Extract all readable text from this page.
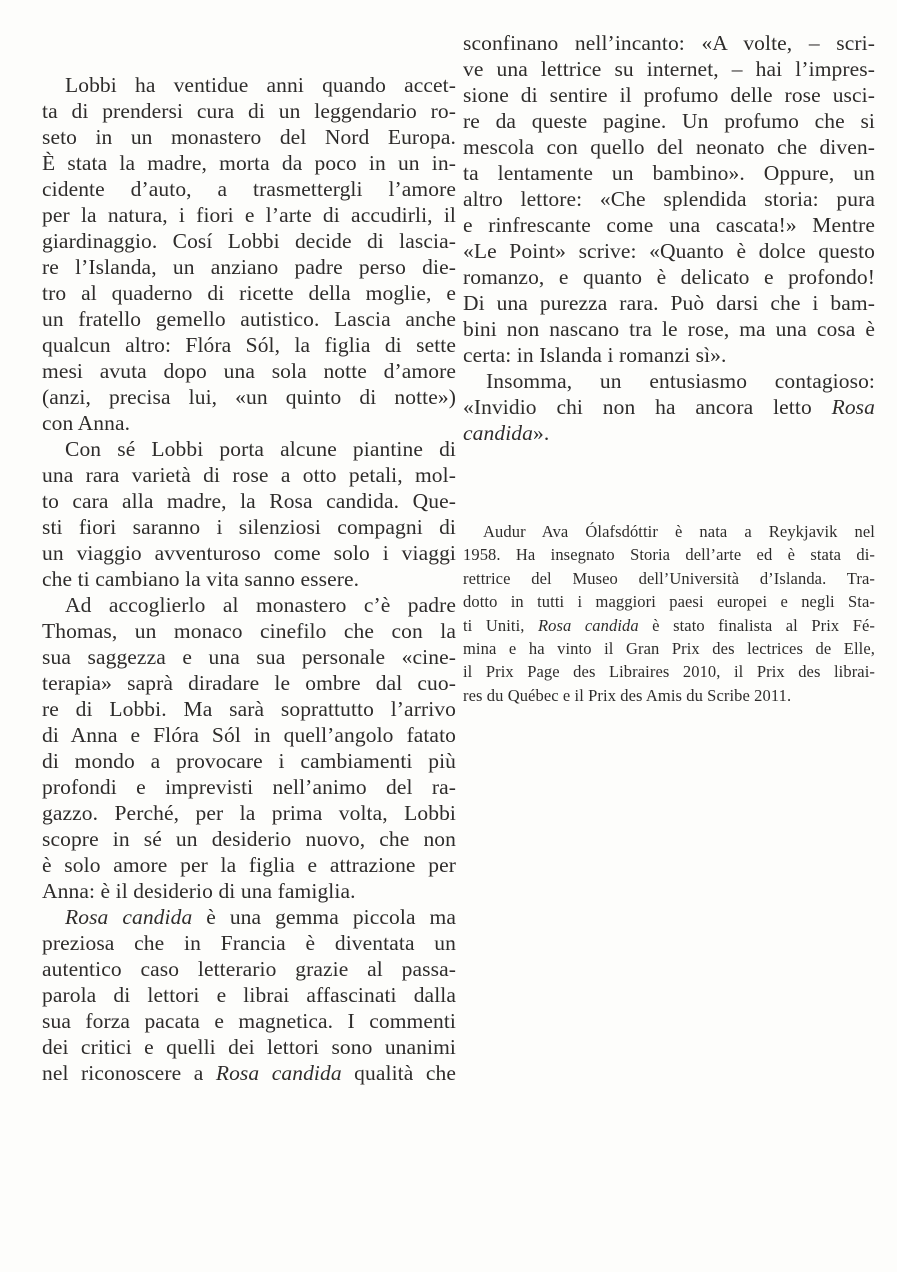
Lobbi ha ventidue anni quando accet-
ta di prendersi cura di un leggendario ro-
seto in un monastero del Nord Europa.
È stata la madre, morta da poco in un in-
cidente d’auto, a trasmettergli l’amore
per la natura, i fiori e l’arte di accudirli, il
giardinaggio. Cosí Lobbi decide di lascia-
re l’Islanda, un anziano padre perso die-
tro al quaderno di ricette della moglie, e
un fratello gemello autistico. Lascia anche
qualcun altro: Flóra Sól, la figlia di sette
mesi avuta dopo una sola notte d’amore
(anzi, precisa lui, «un quinto di notte»)
con Anna.
Con sé Lobbi porta alcune piantine di
una rara varietà di rose a otto petali, mol-
to cara alla madre, la Rosa candida. Que-
sti fiori saranno i silenziosi compagni di
un viaggio avventuroso come solo i viaggi
che ti cambiano la vita sanno essere.
Ad accoglierlo al monastero c’è padre
Thomas, un monaco cinefilo che con la
sua saggezza e una sua personale «cine-
terapia» saprà diradare le ombre dal cuo-
re di Lobbi. Ma sarà soprattutto l’arrivo
di Anna e Flóra Sól in quell’angolo fatato
di mondo a provocare i cambiamenti più
profondi e imprevisti nell’animo del ra-
gazzo. Perché, per la prima volta, Lobbi
scopre in sé un desiderio nuovo, che non
è solo amore per la figlia e attrazione per
Anna: è il desiderio di una famiglia.
Rosa candida è una gemma piccola ma
preziosa che in Francia è diventata un
autentico caso letterario grazie al passa-
parola di lettori e librai affascinati dalla
sua forza pacata e magnetica. I commenti
dei critici e quelli dei lettori sono unanimi
nel riconoscere a Rosa candida qualità che
sconfinano nell’incanto: «A volte, – scri-
ve una lettrice su internet, – hai l’impres-
sione di sentire il profumo delle rose usci-
re da queste pagine. Un profumo che si
mescola con quello del neonato che diven-
ta lentamente un bambino». Oppure, un
altro lettore: «Che splendida storia: pura
e rinfrescante come una cascata!» Mentre
«Le Point» scrive: «Quanto è dolce questo
romanzo, e quanto è delicato e profondo!
Di una purezza rara. Può darsi che i bam-
bini non nascano tra le rose, ma una cosa è
certa: in Islanda i romanzi sì».
Insomma, un entusiasmo contagioso:
«Invidio chi non ha ancora letto Rosa
candida».
Audur Ava Ólafsdóttir è nata a Reykjavik nel
1958. Ha insegnato Storia dell’arte ed è stata di-
rettrice del Museo dell’Università d’Islanda. Tra-
dotto in tutti i maggiori paesi europei e negli Sta-
ti Uniti, Rosa candida è stato finalista al Prix Fé-
mina e ha vinto il Gran Prix des lectrices de Elle,
il Prix Page des Libraires 2010, il Prix des librai-
res du Québec e il Prix des Amis du Scribe 2011.
